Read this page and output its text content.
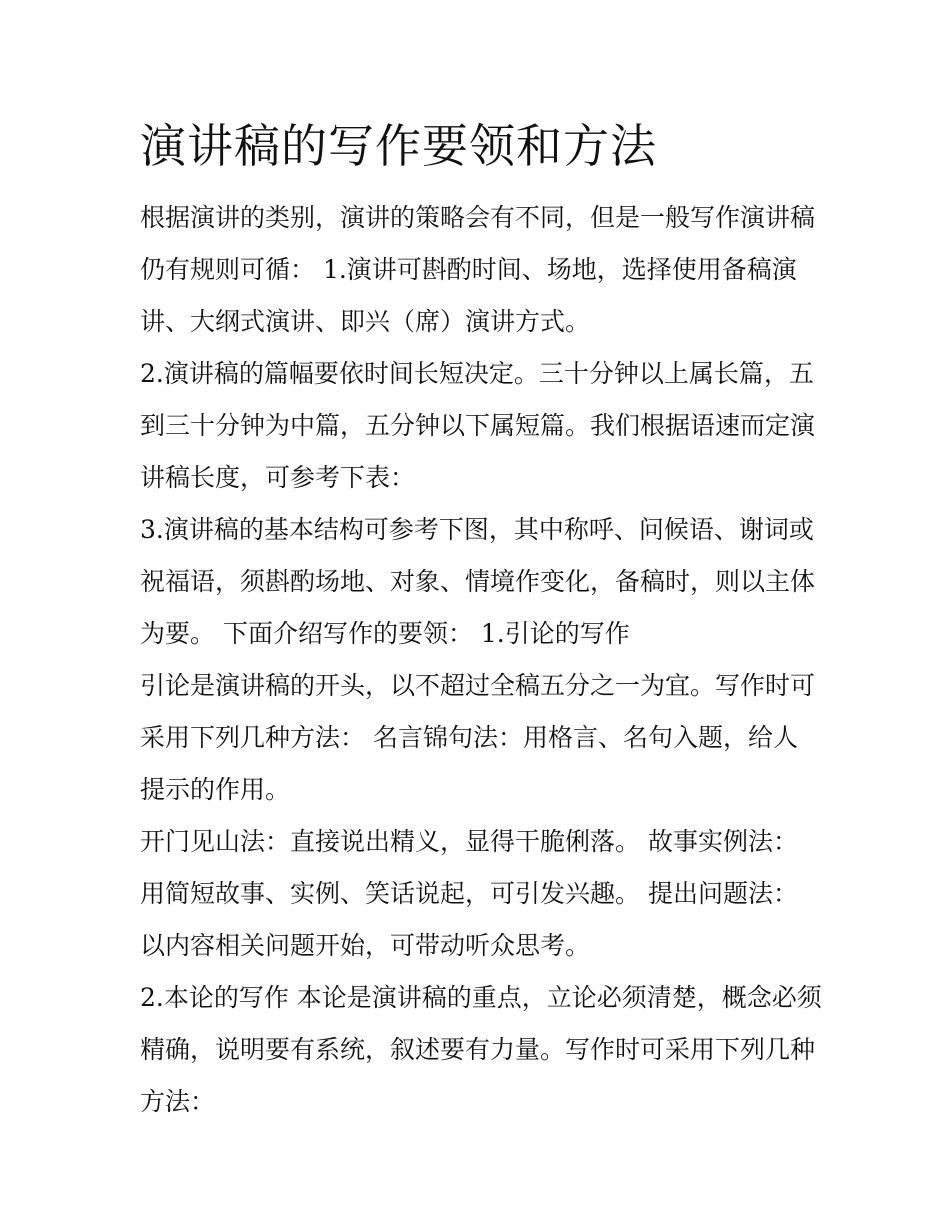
演讲稿的写作要领和方法

根据演讲的类别，演讲的策略会有不同，但是一般写作演讲稿
仍有规则可循： 1.演讲可斟酌时间、场地，选择使用备稿演
讲、大纲式演讲、即兴（席）演讲方式。

2.演讲稿的篇幅要依时间长短决定。三十分钟以上属长篇，五
到三十分钟为中篇，五分钟以下属短篇。我们根据语速而定演
讲稿长度，可参考下表：

3.演讲稿的基本结构可参考下图，其中称呼、问候语、谢词或
祝福语，须斟酌场地、对象、情境作变化，备稿时，则以主体
为要。 下面介绍写作的要领： 1.引论的写作

引论是演讲稿的开头，以不超过全稿五分之一为宜。写作时可
采用下列几种方法： 名言锦句法：用格言、名句入题，给人
提示的作用。

开门见山法：直接说出精义，显得干脆俐落。 故事实例法：
用简短故事、实例、笑话说起，可引发兴趣。 提出问题法：
以内容相关问题开始，可带动听众思考。

2.本论的写作 本论是演讲稿的重点，立论必须清楚，概念必须
精确，说明要有系统，叙述要有力量。写作时可采用下列几种
方法：
